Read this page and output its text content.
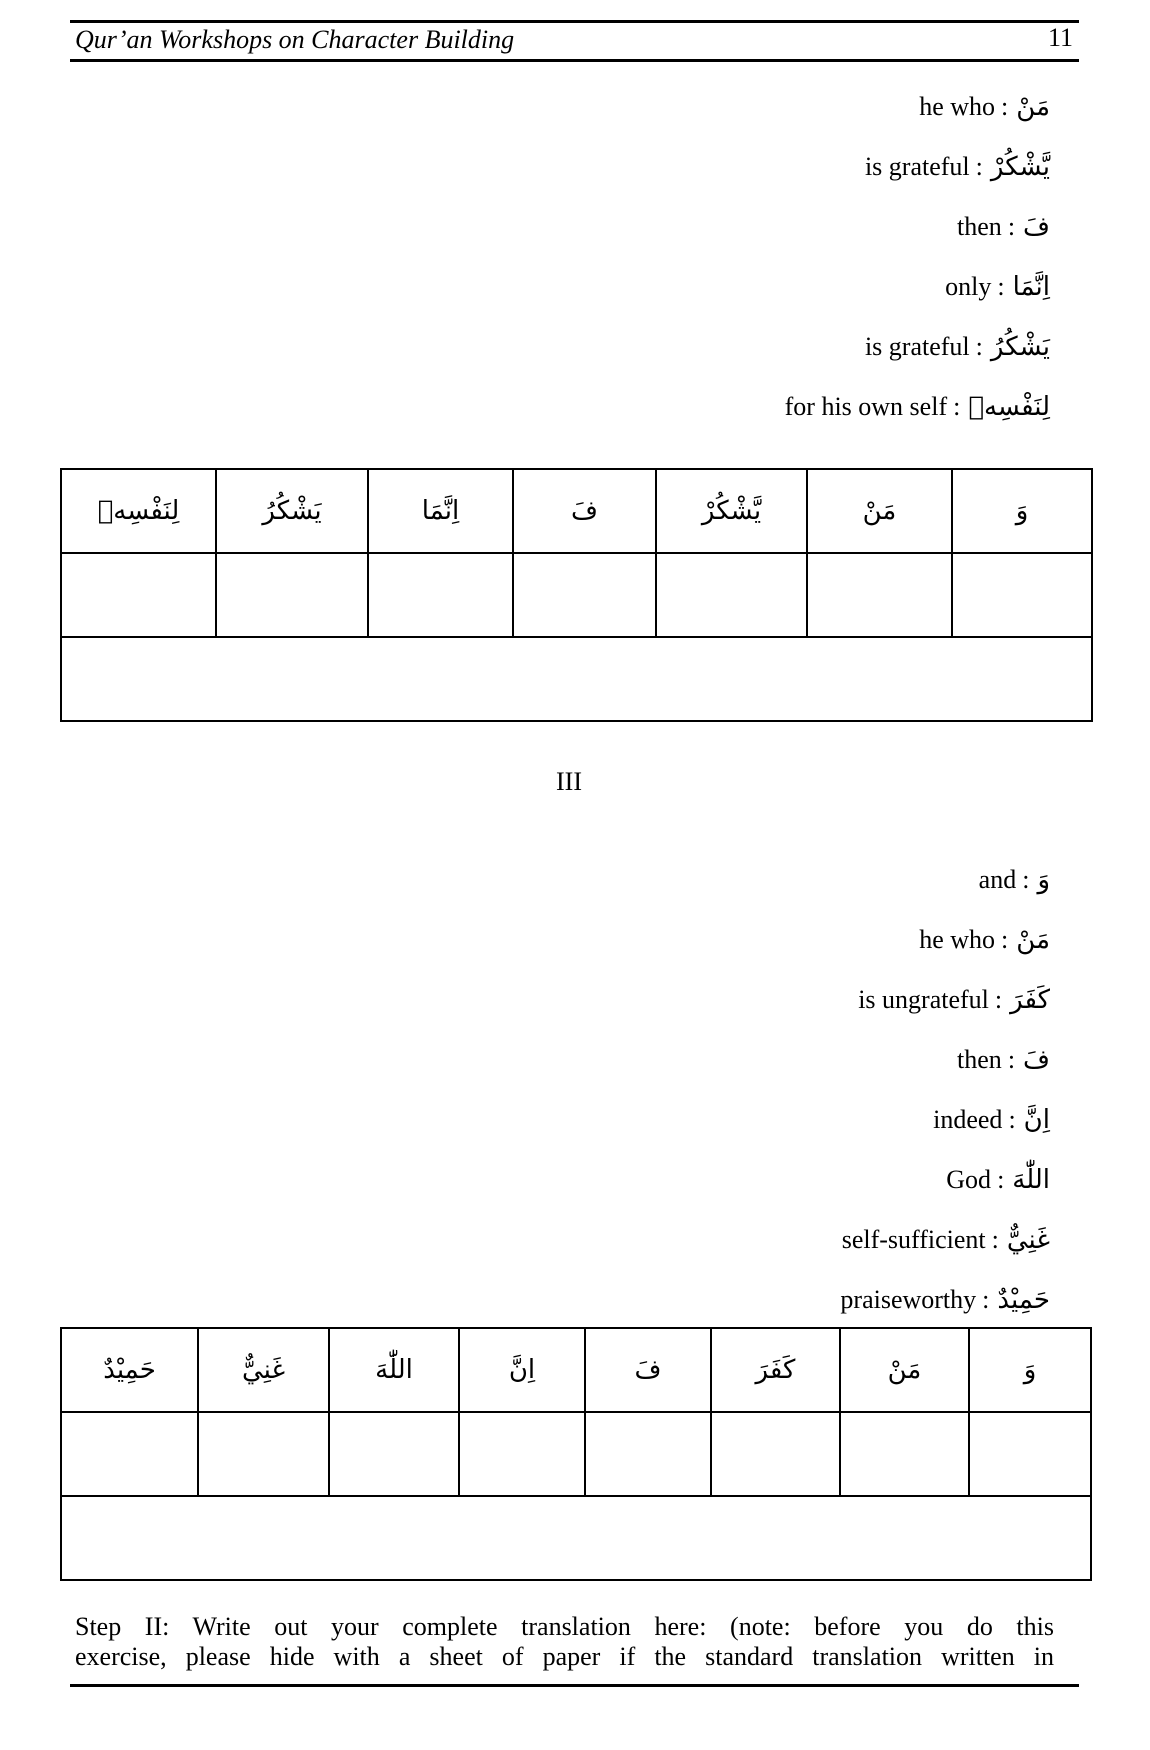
Qur’an Workshops on Character Building	11
he who : مَنْ
is grateful : يَّشْكُرْ
then : فَ
only : اِنَّمَا
is grateful : يَشْكُرُ
for his own self : لِنَفْسِهٖ
لِنَفْسِهٖ	يَشْكُرُ	اِنَّمَا	فَ	يَّشْكُرْ	مَنْ	وَ

III
and : وَ
he who : مَنْ
is ungrateful : كَفَرَ
then : فَ
indeed : اِنَّ
God : اللّٰهَ
self-sufficient : غَنِيٌّ
praiseworthy : حَمِيْدٌ
حَمِيْدٌ	غَنِيٌّ	اللّٰهَ	اِنَّ	فَ	كَفَرَ	مَنْ	وَ

Step II: Write out your complete translation here: (note: before you do this
exercise, please hide with a sheet of paper if the standard translation written in
